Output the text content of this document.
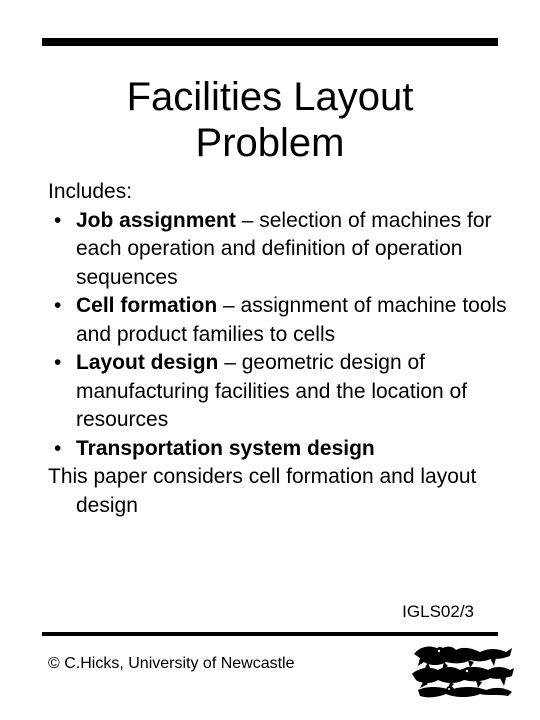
Facilities Layout
Problem

Includes:

• Job assignment – selection of machines for each operation and definition of operation sequences
• Cell formation – assignment of machine tools and product families to cells
• Layout design – geometric design of manufacturing facilities and the location of resources
• Transportation system design

This paper considers cell formation and layout design

IGLS02/3
© C.Hicks, University of Newcastle
